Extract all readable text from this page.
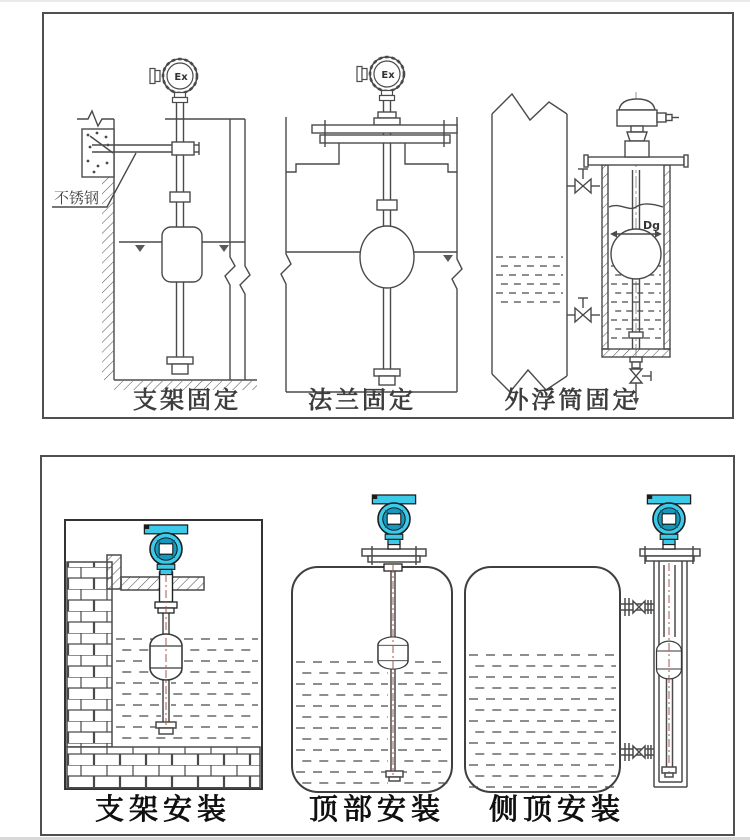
不锈钢
Ex	Ex
Dg
支架固定	法兰固定	外浮筒固定
支架安装	顶部安装 侧顶安装
